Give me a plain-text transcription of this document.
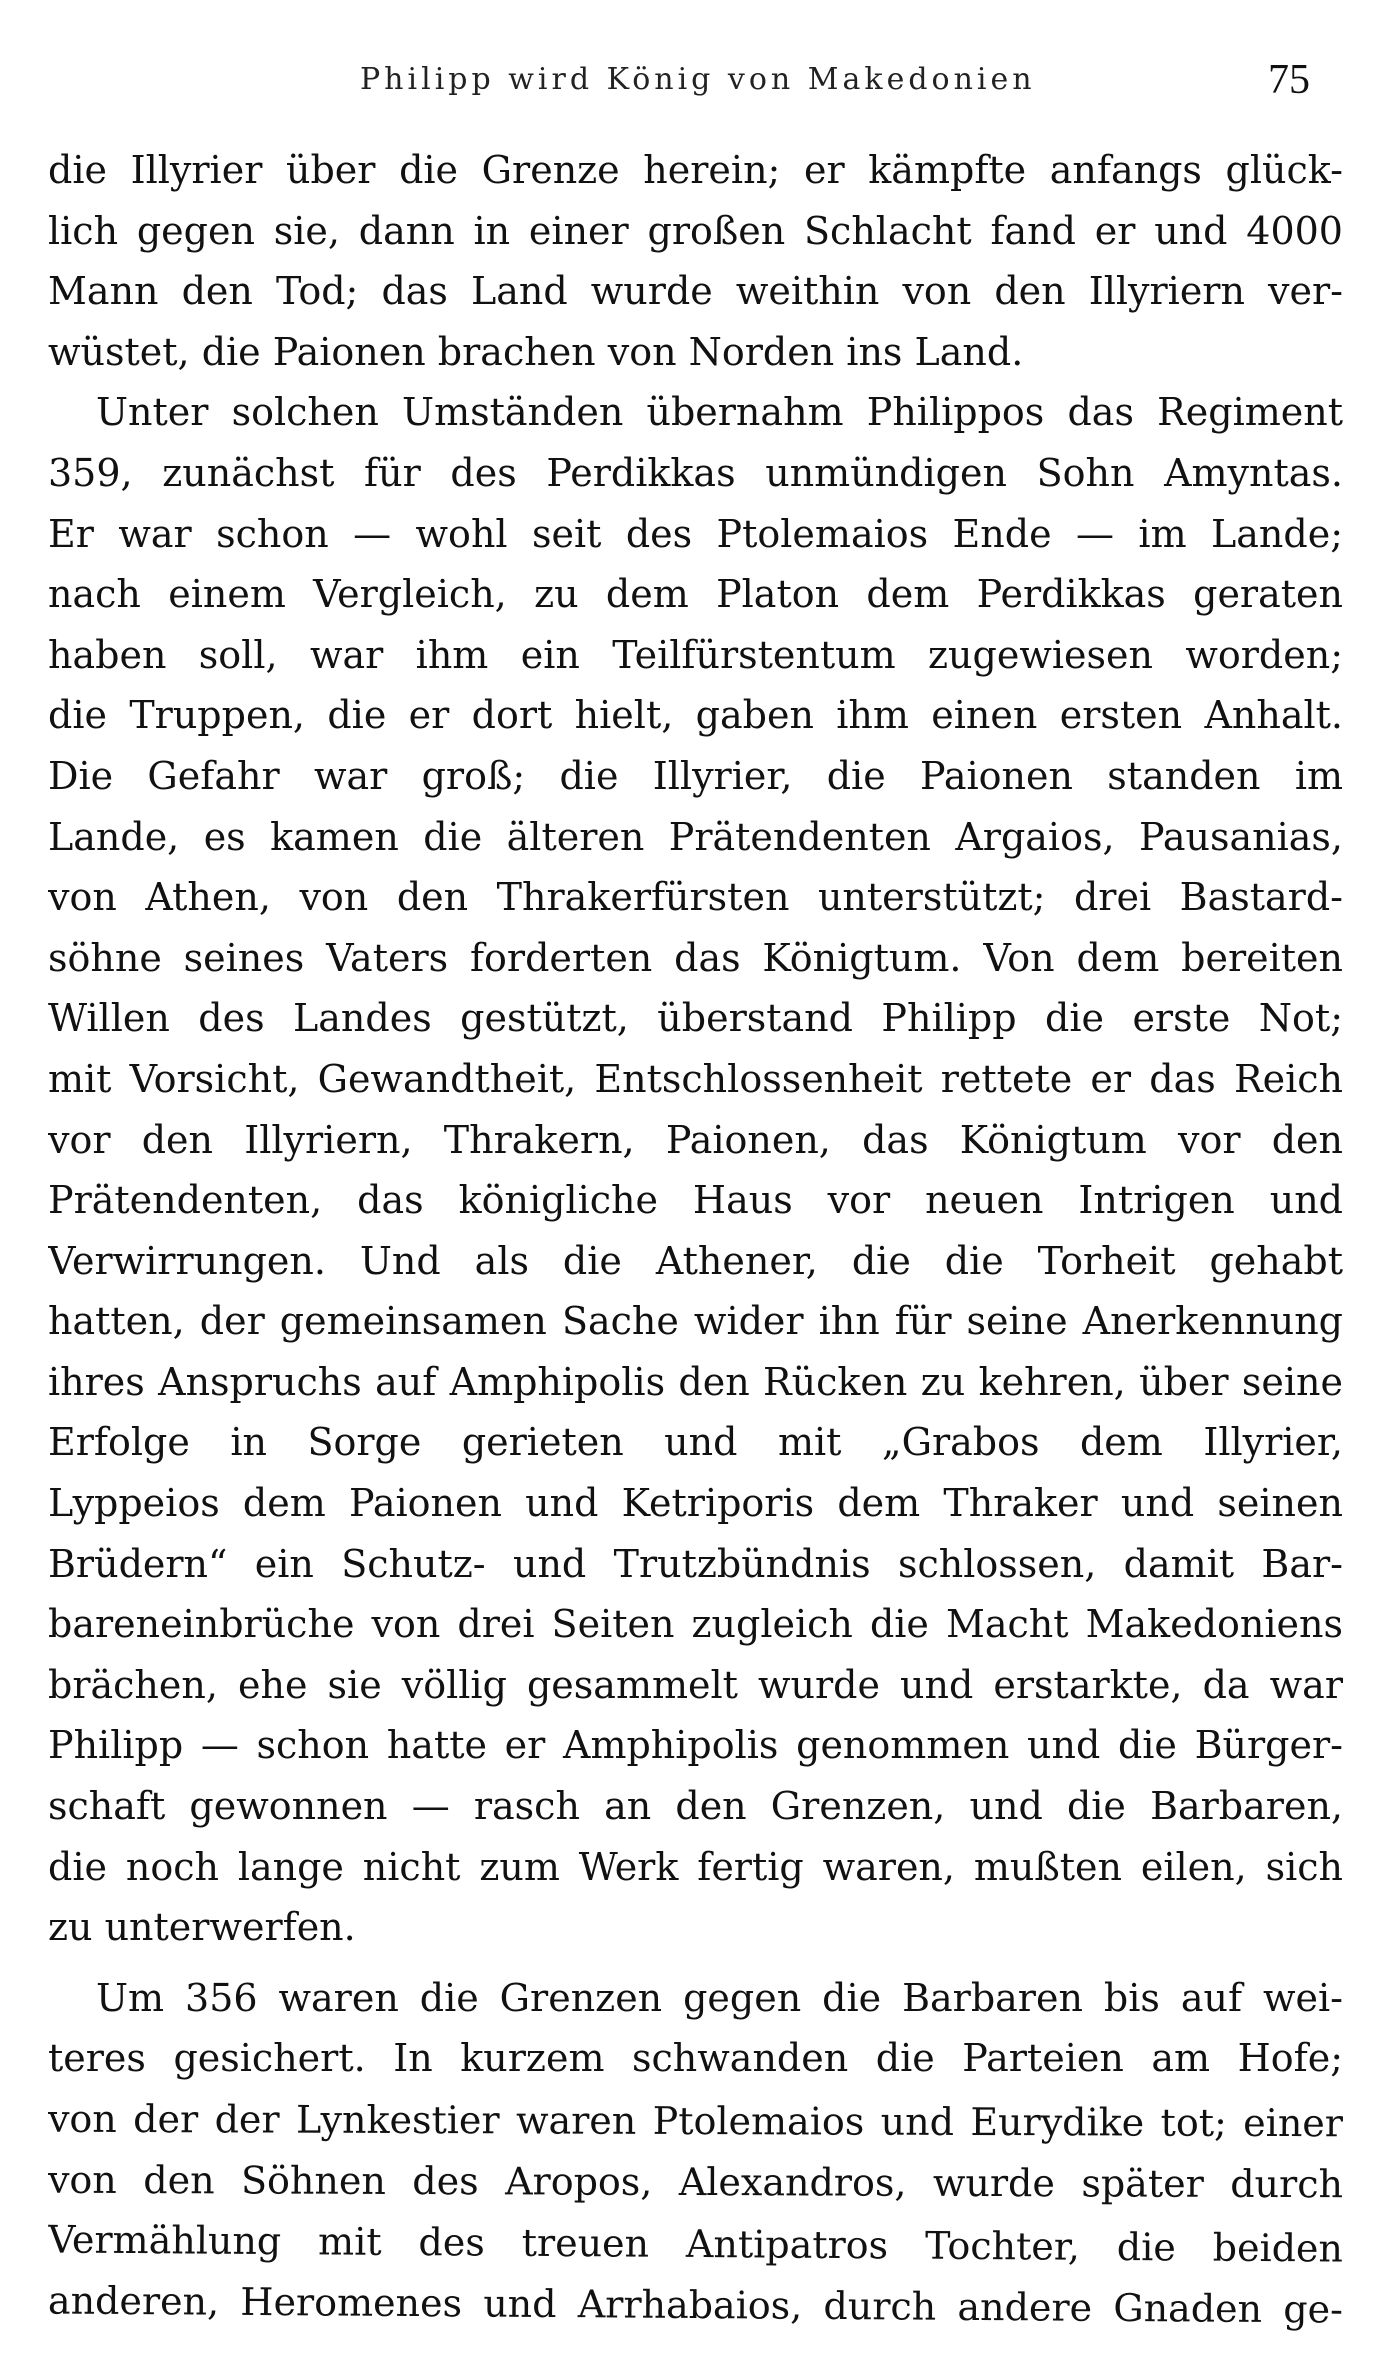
Philipp wird König von Makedonien	75
die Illyrier über die Grenze herein; er kämpfte anfangs glück-
lich gegen sie, dann in einer großen Schlacht fand er und 4000
Mann den Tod; das Land wurde weithin von den Illyriern ver-
wüstet, die Paionen brachen von Norden ins Land.
Unter solchen Umständen übernahm Philippos das Regiment
359, zunächst für des Perdikkas unmündigen Sohn Amyntas.
Er war schon — wohl seit des Ptolemaios Ende — im Lande;
nach einem Vergleich, zu dem Platon dem Perdikkas geraten
haben soll, war ihm ein Teilfürstentum zugewiesen worden;
die Truppen, die er dort hielt, gaben ihm einen ersten Anhalt.
Die Gefahr war groß; die Illyrier, die Paionen standen im
Lande, es kamen die älteren Prätendenten Argaios, Pausanias,
von Athen, von den Thrakerfürsten unterstützt; drei Bastard-
söhne seines Vaters forderten das Königtum. Von dem bereiten
Willen des Landes gestützt, überstand Philipp die erste Not;
mit Vorsicht, Gewandtheit, Entschlossenheit rettete er das Reich
vor den Illyriern, Thrakern, Paionen, das Königtum vor den
Prätendenten, das königliche Haus vor neuen Intrigen und
Verwirrungen. Und als die Athener, die die Torheit gehabt
hatten, der gemeinsamen Sache wider ihn für seine Anerkennung
ihres Anspruchs auf Amphipolis den Rücken zu kehren, über seine
Erfolge in Sorge gerieten und mit „Grabos dem Illyrier,
Lyppeios dem Paionen und Ketriporis dem Thraker und seinen
Brüdern“ ein Schutz- und Trutzbündnis schlossen, damit Bar-
bareneinbrüche von drei Seiten zugleich die Macht Makedoniens
brächen, ehe sie völlig gesammelt wurde und erstarkte, da war
Philipp — schon hatte er Amphipolis genommen und die Bürger-
schaft gewonnen — rasch an den Grenzen, und die Barbaren,
die noch lange nicht zum Werk fertig waren, mußten eilen, sich
zu unterwerfen.
Um 356 waren die Grenzen gegen die Barbaren bis auf wei-
teres gesichert. In kurzem schwanden die Parteien am Hofe;
von der der Lynkestier waren Ptolemaios und Eurydike tot; einer
von den Söhnen des Aropos, Alexandros, wurde später durch
Vermählung mit des treuen Antipatros Tochter, die beiden
anderen, Heromenes und Arrhabaios, durch andere Gnaden ge-
